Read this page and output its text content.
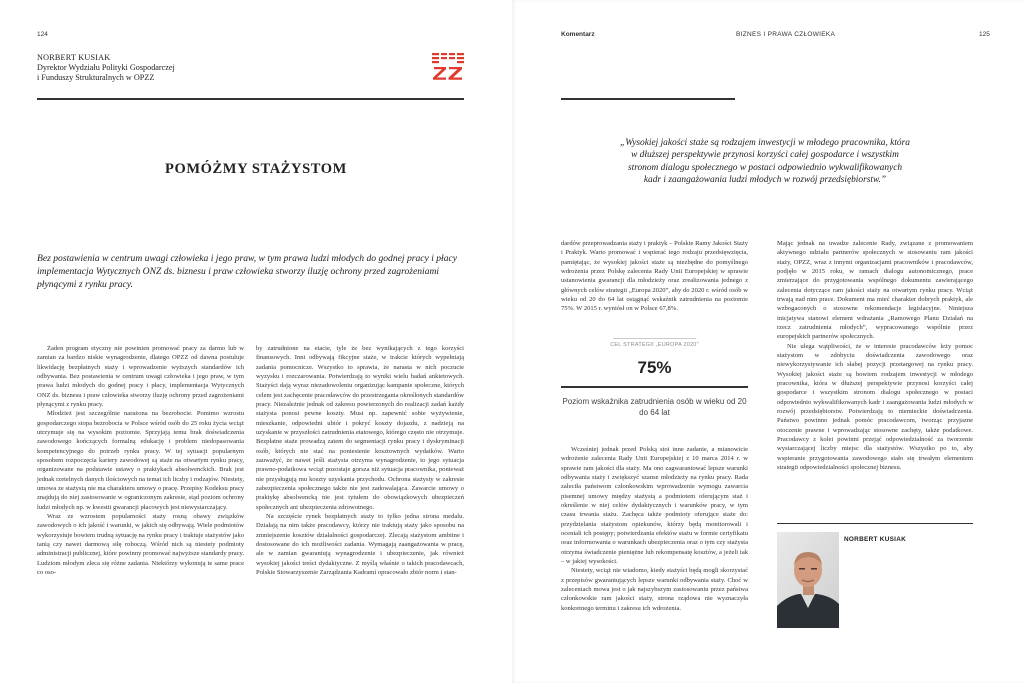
124
NORBERT KUSIAK
Dyrektor Wydziału Polityki Gospodarczej
i Funduszy Strukturalnych w OPZZ
POMÓŻMY STAŻYSTOM

Bez postawienia w centrum uwagi człowieka i jego praw, w tym prawa ludzi młodych do godnej pracy i płacy implementacja Wytycznych ONZ ds. biznesu i praw człowieka stworzy iluzję ochrony przed zagrożeniami płynącymi z rynku pracy.

Żaden program etyczny nie powinien promować pracy za darmo lub w zamian za bardzo niskie wynagrodzenie, dlatego OPZZ od dawna postuluje likwidację bezpłatnych staży i wprowadzenie wyższych standardów ich odbywania. Bez postawienia w centrum uwagi człowieka i jego praw, w tym prawa ludzi młodych do godnej pracy i płacy, implementacja Wytycznych ONZ ds. biznesu i praw człowieka stworzy iluzję ochrony przed zagrożeniami płynącymi z rynku pracy.

Młodzież jest szczególnie narażona na bezrobocie. Pomimo wzrostu gospodarczego stopa bezrobocia w Polsce wśród osób do 25 roku życia wciąż utrzymuje się na wysokim poziomie. Sprzyjają temu brak doświadczenia zawodowego kończących formalną edukację i problem niedopasowania kompetencyjnego do potrzeb rynku pracy. W tej sytuacji popularnym sposobem rozpoczęcia kariery zawodowej są staże na otwartym rynku pracy, organizowane na podstawie ustawy o praktykach absolwenckich. Brak jest jednak rzetelnych danych ilościowych na temat ich liczby i rodzajów. Niestety, umowa ze stażystą nie ma charakteru umowy o pracę. Przepisy Kodeksu pracy znajdują do niej zastosowanie w ograniczonym zakresie, stąd poziom ochrony ludzi młodych np. w kwestii gwarancji płacowych jest niewystarczający.

Wraz ze wzrostem popularności staży rosną obawy związków zawodowych o ich jakość i warunki, w jakich się odbywają. Wiele podmiotów wykorzystuje bowiem trudną sytuację na rynku pracy i traktuje stażystów jako tanią czy nawet darmową siłę roboczą. Wśród nich są niestety podmioty administracji publicznej, które powinny promować najwyższe standardy pracy. Ludziom młodym zleca się różne zadania. Niektórzy wykonują te same prace co oso-

by zatrudnione na etacie, tyle że bez wynikających z tego korzyści finansowych. Inni odbywają fikcyjne staże, w trakcie których wypełniają zadania pomocnicze. Wszystko to sprawia, że narasta w nich poczucie wyzysku i rozczarowania. Potwierdzają to wyniki wielu badań ankietowych. Stażyści dają wyraz niezadowoleniu organizując kampanie społeczne, których celem jest zachęcenie pracodawców do przestrzegania określonych standardów pracy. Niezależnie jednak od zakresu powierzonych do realizacji zadań każdy stażysta ponosi pewne koszty. Musi np. zapewnić sobie wyżywienie, mieszkanie, odpowiedni ubiór i pokryć koszty dojazdu, z nadzieją na uzyskanie w przyszłości zatrudnienia etatowego, którego często nie otrzymuje. Bezpłatne staże prowadzą zatem do segmentacji rynku pracy i dyskryminacji osób, których nie stać na poniesienie kosztownych wydatków. Warto zauważyć, że nawet jeśli stażysta otrzyma wynagrodzenie, to jego sytuacja prawno-podatkowa wciąż pozostaje gorsza niż sytuacja pracownika, ponieważ nie przysługują mu koszty uzyskania przychodu. Ochrona stażysty w zakresie zabezpieczenia społecznego także nie jest zadowalająca. Zawarcie umowy o praktykę absolwencką nie jest tytułem do obowiązkowych ubezpieczeń społecznych ani ubezpieczenia zdrowotnego.

Na szczęście rynek bezpłatnych staży to tylko jedna strona medalu. Działają na nim także pracodawcy, którzy nie traktują staży jako sposobu na zmniejszenie kosztów działalności gospodarczej. Zlecają stażystom ambitne i dostosowane do ich możliwości zadania. Wymagają zaangażowania w pracę, ale w zamian gwarantują wynagrodzenie i ubezpieczenie, jak również wysokiej jakości treści dydaktyczne. Z myślą właśnie o takich pracodawcach, Polskie Stowarzyszenie Zarządzania Kadrami opracowało zbiór norm i stan-

Komentarz	BIZNES I PRAWA CZŁOWIEKA	125

„Wysokiej jakości staże są rodzajem inwestycji w młodego pracownika, która w dłuższej perspektywie przynosi korzyści całej gospodarce i wszystkim stronom dialogu społecznego w postaci odpowiednio wykwalifikowanych kadr i zaangażowania ludzi młodych w rozwój przedsiębiorstw.”

dardów przeprowadzania staży i praktyk – Polskie Ramy Jakości Staży i Praktyk. Warto promować i wspierać tego rodzaju przedsięwzięcia, pamiętając, że wysokiej jakości staże są niezbędne do pomyślnego wdrożenia przez Polskę zalecenia Rady Unii Europejskiej w sprawie ustanowienia gwarancji dla młodzieży oraz zrealizowania jednego z głównych celów strategii „Europa 2020”, aby do 2020 r. wśród osób w wieku od 20 do 64 lat osiągnąć wskaźnik zatrudnienia na poziomie 75%. W 2015 r. wyniósł on w Polsce 67,8%.

CEL STRATEGII „EUROPA 2020”
75%
Poziom wskaźnika zatrudnienia osób w wieku od 20 do 64 lat

Wcześniej jednak przed Polską stoi inne zadanie, a mianowicie wdrożenie zalecenia Rady Unii Europejskiej z 10 marca 2014 r. w sprawie ram jakości dla staży. Ma ono zagwarantować lepsze warunki odbywania staży i zwiększyć szanse młodzieży na rynku pracy. Rada zaleciła państwom członkowskim wprowadzenie wymogu zawarcia pisemnej umowy między stażystą a podmiotem oferującym staż i określenie w niej celów dydaktycznych i warunków pracy, w tym czasu trwania stażu. Zachęca także podmioty oferujące staże do: przydzielania stażystom opiekunów, którzy będą monitorowali i oceniali ich postępy; potwierdzania efektów stażu w formie certyfikatu oraz informowania o warunkach ubezpieczenia oraz o tym czy stażysta otrzyma świadczenie pieniężne lub rekompensatę kosztów, a jeżeli tak – w jakiej wysokości.

Niestety, wciąż nie wiadomo, kiedy stażyści będą mogli skorzystać z przepisów gwarantujących lepsze warunki odbywania staży. Choć w zaleceniach mowa jest o jak najszybszym zastosowaniu przez państwa członkowskie ram jakości staży, strona rządowa nie wyznaczyła konkretnego terminu i zakresu ich wdrożenia.

Mając jednak na uwadze zalecenie Rady, związane z promowaniem aktywnego udziału partnerów społecznych w stosowaniu ram jakości staży, OPZZ, wraz z innymi organizacjami pracowników i pracodawców, podjęło w 2015 roku, w ramach dialogu autonomicznego, prace zmierzające do przygotowania wspólnego dokumentu zawierającego zalecenia dotyczące ram jakości staży na otwartym rynku pracy. Wciąż trwają nad nim prace. Dokument ma mieć charakter dobrych praktyk, ale wzbogaconych o stosowne rekomendacje legislacyjne. Niniejsza inicjatywa stanowi element wdrażania „Ramowego Planu Działań na rzecz zatrudnienia młodych”, wypracowanego wspólnie przez europejskich partnerów społecznych.

Nie ulega wątpliwości, że w interesie pracodawców leży pomoc stażystom w zdobyciu doświadczenia zawodowego oraz niewykorzystywanie ich słabej pozycji przetargowej na rynku pracy. Wysokiej jakości staże są bowiem rodzajem inwestycji w młodego pracownika, która w dłuższej perspektywie przynosi korzyści całej gospodarce i wszystkim stronom dialogu społecznego w postaci odpowiednio wykwalifikowanych kadr i zaangażowania ludzi młodych w rozwój przedsiębiorstw. Potwierdzają to niemieckie doświadczenia. Państwo powinno jednak pomóc pracodawcom, tworząc przyjazne otoczenie prawne i wprowadzając stosowne zachęty, także podatkowe. Pracodawcy z kolei powinni przejąć odpowiedzialność za tworzenie wystarczającej liczby miejsc dla stażystów. Wszystko po to, aby wspieranie przygotowania zawodowego stało się trwałym elementem strategii odpowiedzialności społecznej biznesu.

NORBERT KUSIAK
